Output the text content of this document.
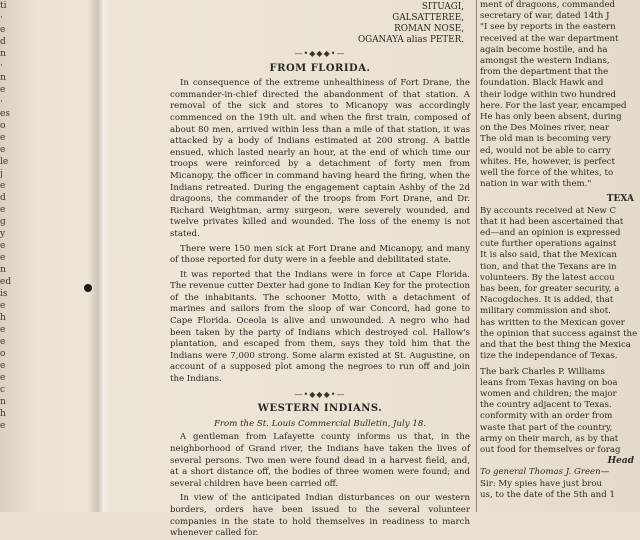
ti
·
e
d
n
·
n
e
·
es
o
e
e
le
j
e
d
e
g
y
e
e
n
ed
is
e
h
e
e
o
e
e
c
n
h
e
SITUAGI,
GALSATTEREE,
ROMAN NOSE,
OGANAYA alias PETER.
—•◆◆◆•—
FROM FLORIDA.

In consequence of the extreme unhealthiness of Fort Drane, the commander-in-chief directed the abandonment of that station. A removal of the sick and stores to Micanopy was accordingly commenced on the 19th ult. and when the first train, composed of about 80 men, arrived within less than a mile of that station, it was attacked by a body of Indians estimated at 200 strong. A battle ensued, which lasted nearly an hour, at the end of which time our troops were reinforced by a detachment of forty men from Micanopy, the officer in command having heard the firing, when the Indians retreated. During the engagement captain Ashby of the 2d dragoons, the commander of the troops from Fort Drane, and Dr. Richard Weightman, army surgeon, were severely wounded, and twelve privates killed and wounded. The loss of the enemy is not stated.

There were 150 men sick at Fort Drane and Micanopy, and many of those reported for duty were in a feeble and debilitated state.

It was reported that the Indians were in force at Cape Florida. The revenue cutter Dexter had gone to Indian Key for the protection of the inhabitants. The schooner Motto, with a detachment of marines and sailors from the sloop of war Concord, had gone to Cape Florida. Oceola is alive and unwounded. A negro who had been taken by the party of Indians which destroyed col. Hallow's plantation, and escaped from them, says they told him that the Indians were 7,000 strong. Some alarm existed at St. Augustine, on account of a supposed plot among the negroes to run off and join the Indians.

—•◆◆◆•—
WESTERN INDIANS.
From the St. Louis Commercial Bulletin, July 18.

A gentleman from Lafayette county informs us that, in the neighborhood of Grand river, the Indians have taken the lives of several persons. Two men were found dead in a harvest field, and, at a short distance off, the bodies of three women were found; and several children have been carried off.

In view of the anticipated Indian disturbances on our western borders, orders have been issued to the several volunteer companies in the state to hold themselves in readiness to march whenever called for.

ment of dragoons, commanded
secretary of war, dated 14th J
"I see by reports in the eastern
received at the war department
again become hostile, and ha
amongst the western Indians,
from the department that the
foundation. Black Hawk and
their lodge within two hundred
here. For the last year, encamped
He has only been absent, during
on the Des Moines river, near
The old man is becoming very
ed, would not be able to carry
whites. He, however, is perfect
well the force of the whites, to
nation in war with them."
TEXA
By accounts received at New C
that it had been ascertained that
ed—and an opinion is expressed
cute further operations against
It is also said, that the Mexican
tion, and that the Texans are in
volunteers. By the latest accou
has been, for greater security, a
Nacogdoches. It is added, that
military commission and shot.
has written to the Mexican gover
the opinion that success against the
and that the best thing the Mexica
tize the independance of Texas.
The bark Charles P. Williams
leans from Texas having on boa
women and children; the major
the country adjacent to Texas.
conformity with an order from
waste that part of the country,
army on their march, as by that
out food for themselves or forag
Head
To general Thomas J. Green—
Sir: My spies have just brou
us, to the date of the 5th and 1
